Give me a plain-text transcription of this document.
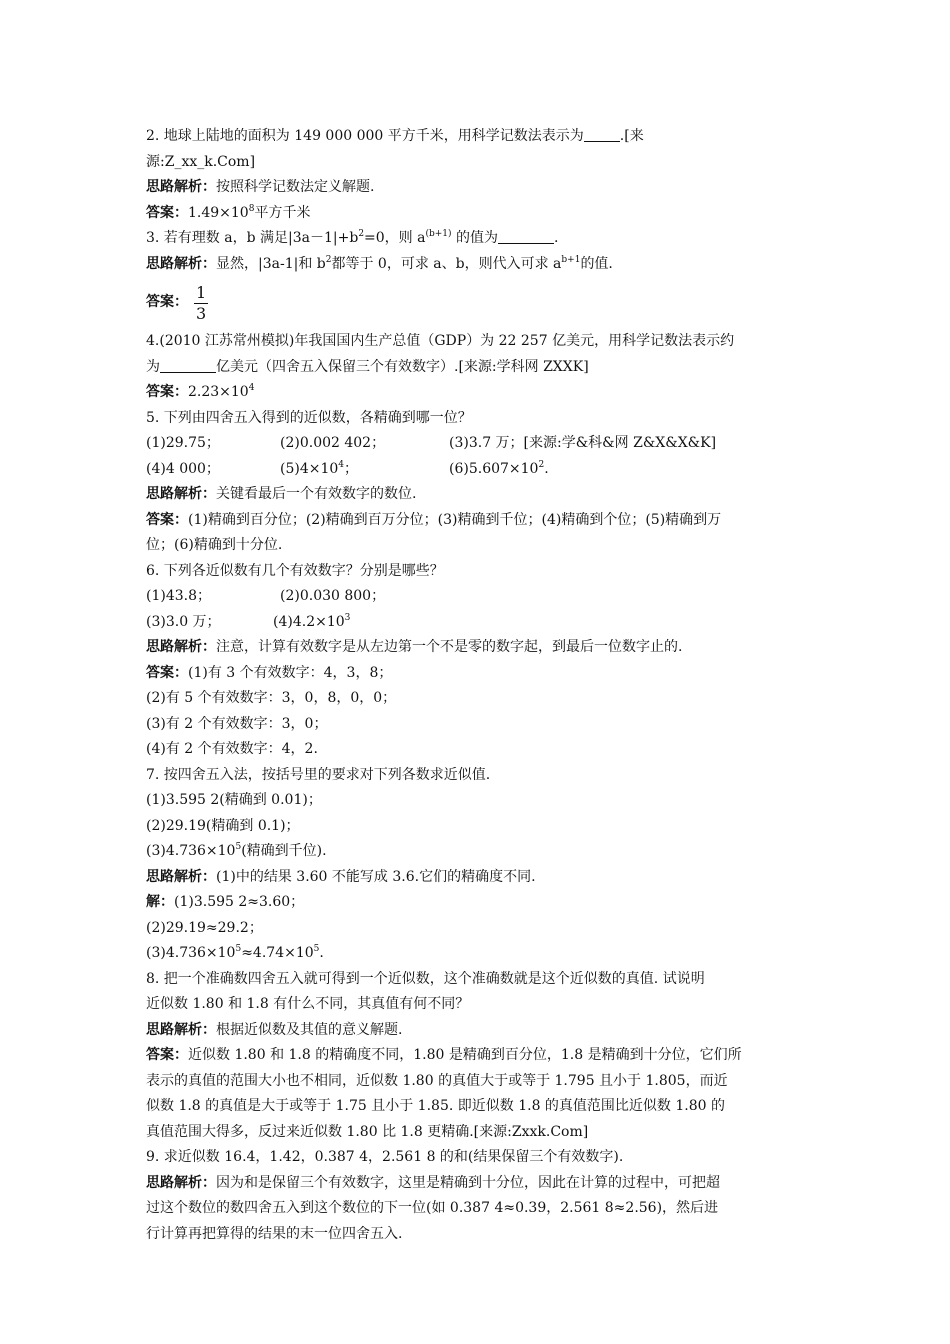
2. 地球上陆地的面积为 149 000 000 平方千米，用科学记数法表示为	.[来
源:Z_xx_k.Com]
思路解析：按照科学记数法定义解题.
答案：$1.49\times 10^8$平方千米
3. 若有理数 a，b 满足$|3a-1|+b^2=0$，则 $a^{(b+1)}$ 的值为	.
思路解析：显然，|3a-1|和 $b^2$都等于 0，可求 a、b，则代入可求 $a^{b+1}$的值.
答案： $\frac{1}{3}$
4.(2010 江苏常州模拟)年我国国内生产总值（GDP）为 22 257 亿美元，用科学记数法表示约
为	亿美元（四舍五入保留三个有效数字）.[来源:学科网 ZXXK]
答案：$2.23\times 10^4$
5. 下列由四舍五入得到的近似数，各精确到哪一位？
(1)29.75；	(2)0.002 402；	(3)3.7 万；[来源:学&科&网 Z&X&X&K]
(4)4 000；	$(5)4\times 10^4$；	$(6)5.607\times 10^2$.
思路解析：关键看最后一个有效数字的数位.
答案：(1)精确到百分位；(2)精确到百万分位；(3)精确到千位；(4)精确到个位；(5)精确到万
位；(6)精确到十分位.
6. 下列各近似数有几个有效数字？分别是哪些？
(1)43.8；	(2)0.030 800；
(3)3.0 万；	$(4)4.2\times 10^3$
思路解析：注意，计算有效数字是从左边第一个不是零的数字起，到最后一位数字止的.
答案：(1)有 3 个有效数字：4，3，8；
(2)有 5 个有效数字：3，0，8，0，0；
(3)有 2 个有效数字：3，0；
(4)有 2 个有效数字：4，2.
7. 按四舍五入法，按括号里的要求对下列各数求近似值.
(1)3.595 2(精确到 0.01)；
(2)29.19(精确到 0.1)；
$(3)4.736\times 10^5$(精确到千位).
思路解析：(1)中的结果 3.60 不能写成 3.6.它们的精确度不同.
解：(1)3.595 2≈3.60；
(2)29.19≈29.2；
$(3)4.736\times 10^5\approx 4.74\times 10^5$.
8. 把一个准确数四舍五入就可得到一个近似数，这个准确数就是这个近似数的真值. 试说明
近似数 1.80 和 1.8 有什么不同，其真值有何不同？
思路解析：根据近似数及其值的意义解题.
答案：近似数 1.80 和 1.8 的精确度不同，1.80 是精确到百分位，1.8 是精确到十分位，它们所
表示的真值的范围大小也不相同，近似数 1.80 的真值大于或等于 1.795 且小于 1.805，而近
似数 1.8 的真值是大于或等于 1.75 且小于 1.85. 即近似数 1.8 的真值范围比近似数 1.80 的
真值范围大得多，反过来近似数 1.80 比 1.8 更精确.[来源:Zxxk.Com]
9. 求近似数 16.4，1.42，0.387 4，2.561 8 的和(结果保留三个有效数字).
思路解析：因为和是保留三个有效数字，这里是精确到十分位，因此在计算的过程中，可把超
过这个数位的数四舍五入到这个数位的下一位(如 0.387 4≈0.39，2.561 8≈2.56)，然后进
行计算再把算得的结果的末一位四舍五入.
